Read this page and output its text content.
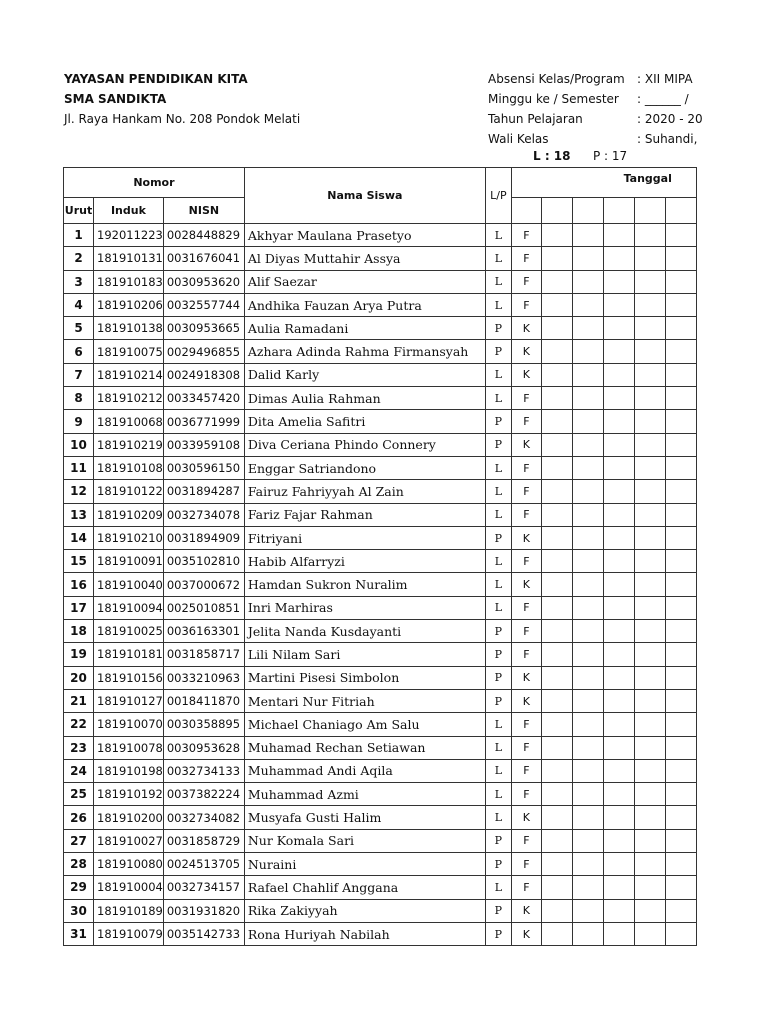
YAYASAN PENDIDIKAN KITA
SMA SANDIKTA
Jl. Raya Hankam No. 208 Pondok Melati
Absensi Kelas/Program
Minggu ke / Semester
Tahun Pelajaran
Wali Kelas
: XII MIPA
: ______ /
: 2020 - 20
: Suhandi,
L : 18 P : 17
Nomor			Nama Siswa	L/P	Tanggal					
Urut	Induk	NISN								
1	192011223	0028448829	Akhyar Maulana Prasetyo	L	F					
2	181910131	0031676041	Al Diyas Muttahir Assya	L	F					
3	181910183	0030953620	Alif Saezar	L	F					
4	181910206	0032557744	Andhika Fauzan Arya Putra	L	F					
5	181910138	0030953665	Aulia Ramadani	P	K					
6	181910075	0029496855	Azhara Adinda Rahma Firmansyah	P	K					
7	181910214	0024918308	Dalid Karly	L	K					
8	181910212	0033457420	Dimas Aulia Rahman	L	F					
9	181910068	0036771999	Dita Amelia Safitri	P	F					
10	181910219	0033959108	Diva Ceriana Phindo Connery	P	K					
11	181910108	0030596150	Enggar Satriandono	L	F					
12	181910122	0031894287	Fairuz Fahriyyah Al Zain	L	F					
13	181910209	0032734078	Fariz Fajar Rahman	L	F					
14	181910210	0031894909	Fitriyani	P	K					
15	181910091	0035102810	Habib Alfarryzi	L	F					
16	181910040	0037000672	Hamdan Sukron Nuralim	L	K					
17	181910094	0025010851	Inri Marhiras	L	F					
18	181910025	0036163301	Jelita Nanda Kusdayanti	P	F					
19	181910181	0031858717	Lili Nilam Sari	P	F					
20	181910156	0033210963	Martini Pisesi Simbolon	P	K					
21	181910127	0018411870	Mentari Nur Fitriah	P	K					
22	181910070	0030358895	Michael Chaniago Am Salu	L	F					
23	181910078	0030953628	Muhamad Rechan Setiawan	L	F					
24	181910198	0032734133	Muhammad Andi Aqila	L	F					
25	181910192	0037382224	Muhammad Azmi	L	F					
26	181910200	0032734082	Musyafa Gusti Halim	L	K					
27	181910027	0031858729	Nur Komala Sari	P	F					
28	181910080	0024513705	Nuraini	P	F					
29	181910004	0032734157	Rafael Chahlif Anggana	L	F					
30	181910189	0031931820	Rika Zakiyyah	P	K					
31	181910079	0035142733	Rona Huriyah Nabilah	P	K					
